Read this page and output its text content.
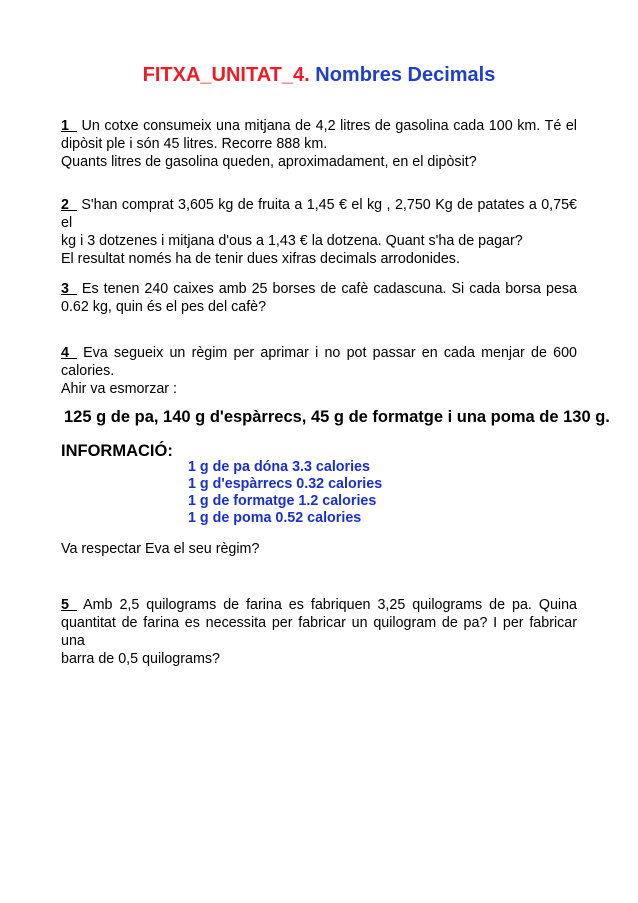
FITXA_UNITAT_4. Nombres Decimals
1_ Un cotxe consumeix una mitjana de 4,2 litres de gasolina cada 100 km. Té el
dipòsit ple i són 45 litres. Recorre 888 km.
Quants litres de gasolina queden, aproximadament, en el dipòsit?
2_ S'han comprat 3,605 kg de fruita a 1,45 € el kg , 2,750 Kg de patates a 0,75€ el
kg i 3 dotzenes i mitjana d'ous a 1,43 € la dotzena. Quant s'ha de pagar?
El resultat només ha de tenir dues xifras decimals arrodonides.
3_ Es tenen 240 caixes amb 25 borses de cafè cadascuna. Si cada borsa pesa
0.62 kg, quin és el pes del cafè?
4_ Eva segueix un règim per aprimar i no pot passar en cada menjar de 600
calories.
Ahir va esmorzar :
125 g de pa, 140 g d'espàrrecs, 45 g de formatge i una poma de 130 g.
INFORMACIÓ:
1 g de pa dóna 3.3 calories
1 g d'espàrrecs 0.32 calories
1 g de formatge 1.2 calories
1 g de poma 0.52 calories
Va respectar Eva el seu règim?
5_ Amb 2,5 quilograms de farina es fabriquen 3,25 quilograms de pa. Quina
quantitat de farina es necessita per fabricar un quilogram de pa? I per fabricar una
barra de 0,5 quilograms?
